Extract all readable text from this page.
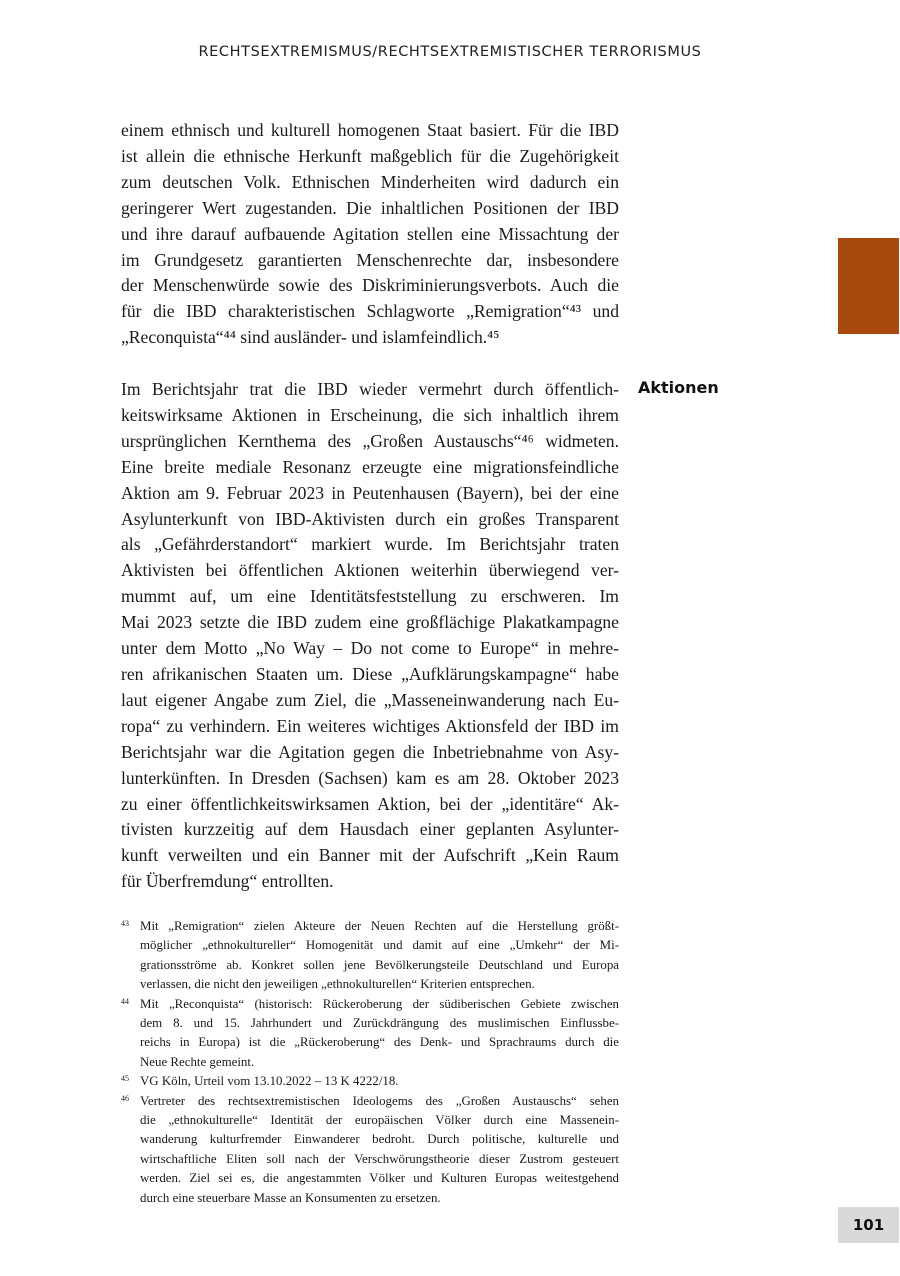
RECHTSEXTREMISMUS/RECHTSEXTREMISTISCHER TERRORISMUS
einem ethnisch und kulturell homogenen Staat basiert. Für die IBD
ist allein die ethnische Herkunft maßgeblich für die Zugehörigkeit
zum deutschen Volk. Ethnischen Minderheiten wird dadurch ein
geringerer Wert zugestanden. Die inhaltlichen Positionen der IBD
und ihre darauf aufbauende Agitation stellen eine Missachtung der
im Grundgesetz garantierten Menschenrechte dar, insbesondere
der Menschenwürde sowie des Diskriminierungsverbots. Auch die
für die IBD charakteristischen Schlagworte „Remigration“⁴³ und
„Reconquista“⁴⁴ sind ausländer- und islamfeindlich.⁴⁵
Aktionen
Im Berichtsjahr trat die IBD wieder vermehrt durch öffentlich-
keitswirksame Aktionen in Erscheinung, die sich inhaltlich ihrem
ursprünglichen Kernthema des „Großen Austauschs“⁴⁶ widmeten.
Eine breite mediale Resonanz erzeugte eine migrationsfeindliche
Aktion am 9. Februar 2023 in Peutenhausen (Bayern), bei der eine
Asylunterkunft von IBD-Aktivisten durch ein großes Transparent
als „Gefährderstandort“ markiert wurde. Im Berichtsjahr traten
Aktivisten bei öffentlichen Aktionen weiterhin überwiegend ver-
mummt auf, um eine Identitätsfeststellung zu erschweren. Im
Mai 2023 setzte die IBD zudem eine großflächige Plakatkampagne
unter dem Motto „No Way – Do not come to Europe“ in mehre-
ren afrikanischen Staaten um. Diese „Aufklärungskampagne“ habe
laut eigener Angabe zum Ziel, die „Masseneinwanderung nach Eu-
ropa“ zu verhindern. Ein weiteres wichtiges Aktionsfeld der IBD im
Berichtsjahr war die Agitation gegen die Inbetriebnahme von Asy-
lunterkünften. In Dresden (Sachsen) kam es am 28. Oktober 2023
zu einer öffentlichkeitswirksamen Aktion, bei der „identitäre“ Ak-
tivisten kurzzeitig auf dem Hausdach einer geplanten Asylunter-
kunft verweilten und ein Banner mit der Aufschrift „Kein Raum
für Überfremdung“ entrollten.
43 Mit „Remigration“ zielen Akteure der Neuen Rechten auf die Herstellung größt-
möglicher „ethnokultureller“ Homogenität und damit auf eine „Umkehr“ der Mi-
grationsströme ab. Konkret sollen jene Bevölkerungsteile Deutschland und Europa
verlassen, die nicht den jeweiligen „ethnokulturellen“ Kriterien entsprechen.
44 Mit „Reconquista“ (historisch: Rückeroberung der südiberischen Gebiete zwischen
dem 8. und 15. Jahrhundert und Zurückdrängung des muslimischen Einflussbe-
reichs in Europa) ist die „Rückeroberung“ des Denk- und Sprachraums durch die
Neue Rechte gemeint.
45 VG Köln, Urteil vom 13.10.2022 – 13 K 4222/18.
46 Vertreter des rechtsextremistischen Ideologems des „Großen Austauschs“ sehen
die „ethnokulturelle“ Identität der europäischen Völker durch eine Massenein-
wanderung kulturfremder Einwanderer bedroht. Durch politische, kulturelle und
wirtschaftliche Eliten soll nach der Verschwörungstheorie dieser Zustrom gesteuert
werden. Ziel sei es, die angestammten Völker und Kulturen Europas weitestgehend
durch eine steuerbare Masse an Konsumenten zu ersetzen.
101
